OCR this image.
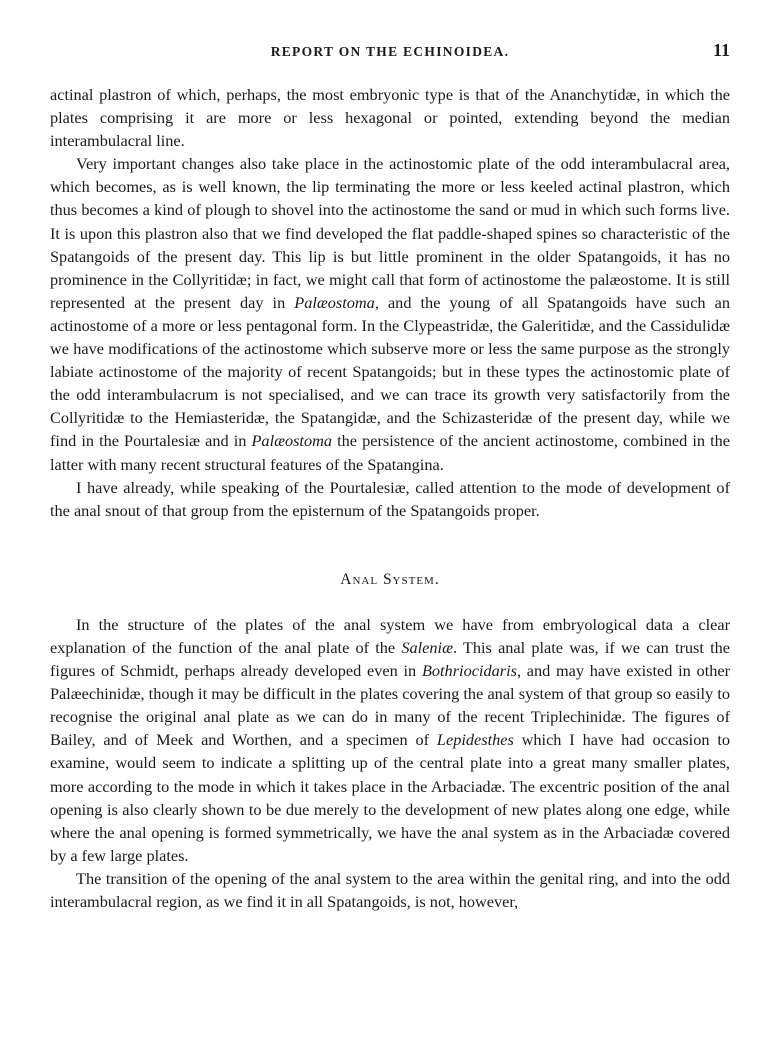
REPORT ON THE ECHINOIDEA.	11

actinal plastron of which, perhaps, the most embryonic type is that of the Ananchytidæ, in which the plates comprising it are more or less hexagonal or pointed, extending beyond the median interambulacral line.

Very important changes also take place in the actinostomic plate of the odd interambulacral area, which becomes, as is well known, the lip terminating the more or less keeled actinal plastron, which thus becomes a kind of plough to shovel into the actinostome the sand or mud in which such forms live. It is upon this plastron also that we find developed the flat paddle-shaped spines so characteristic of the Spatangoids of the present day. This lip is but little prominent in the older Spatangoids, it has no prominence in the Collyritidæ; in fact, we might call that form of actinostome the palæostome. It is still represented at the present day in Palæostoma, and the young of all Spatangoids have such an actinostome of a more or less pentagonal form. In the Clypeastridæ, the Galeritidæ, and the Cassidulidæ we have modifications of the actinostome which subserve more or less the same purpose as the strongly labiate actinostome of the majority of recent Spatangoids; but in these types the actinostomic plate of the odd interambulacrum is not specialised, and we can trace its growth very satisfactorily from the Collyritidæ to the Hemiasteridæ, the Spatangidæ, and the Schizasteridæ of the present day, while we find in the Pourtalesiæ and in Palæostoma the persistence of the ancient actinostome, combined in the latter with many recent structural features of the Spatangina.

I have already, while speaking of the Pourtalesiæ, called attention to the mode of development of the anal snout of that group from the episternum of the Spatangoids proper.

Anal System.

In the structure of the plates of the anal system we have from embryological data a clear explanation of the function of the anal plate of the Saleniæ. This anal plate was, if we can trust the figures of Schmidt, perhaps already developed even in Bothriocidaris, and may have existed in other Palæechinidæ, though it may be difficult in the plates covering the anal system of that group so easily to recognise the original anal plate as we can do in many of the recent Triplechinidæ. The figures of Bailey, and of Meek and Worthen, and a specimen of Lepidesthes which I have had occasion to examine, would seem to indicate a splitting up of the central plate into a great many smaller plates, more according to the mode in which it takes place in the Arbaciadæ. The excentric position of the anal opening is also clearly shown to be due merely to the development of new plates along one edge, while where the anal opening is formed symmetrically, we have the anal system as in the Arbaciadæ covered by a few large plates.

The transition of the opening of the anal system to the area within the genital ring, and into the odd interambulacral region, as we find it in all Spatangoids, is not, however,
